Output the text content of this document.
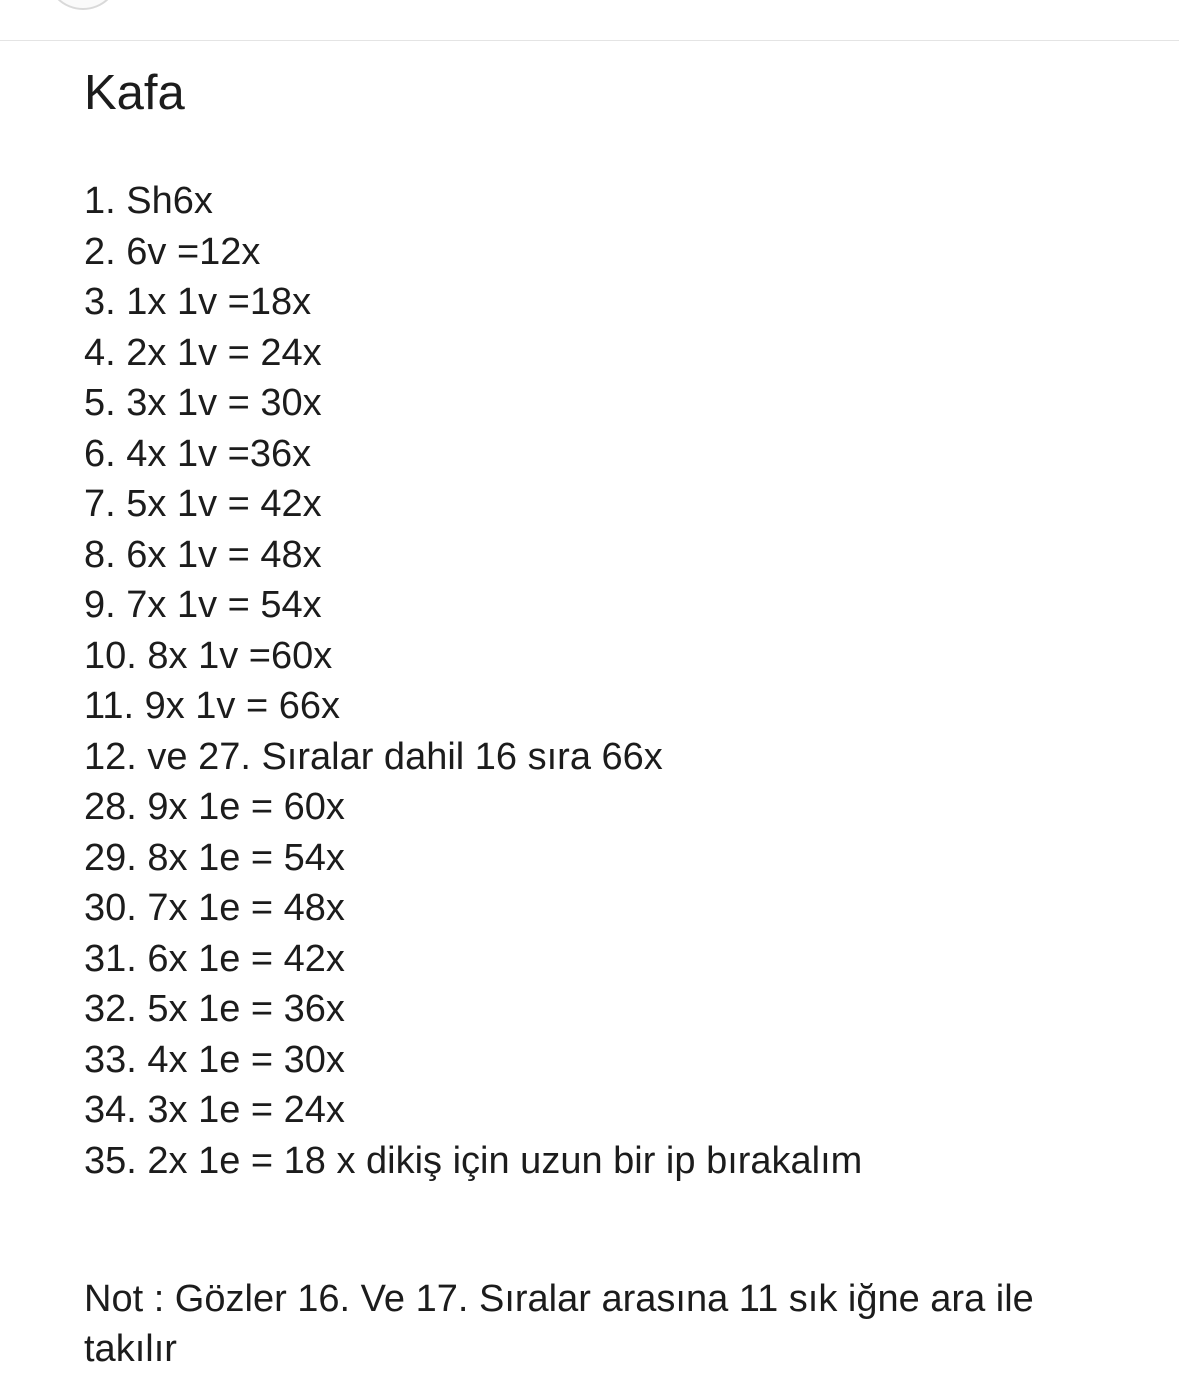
Kafa
1. Sh6x
2. 6v =12x
3. 1x 1v =18x
4. 2x 1v = 24x
5. 3x 1v = 30x
6. 4x 1v =36x
7. 5x 1v = 42x
8. 6x 1v = 48x
9. 7x 1v = 54x
10. 8x 1v =60x
11. 9x 1v = 66x
12. ve 27. Sıralar dahil 16 sıra 66x
28. 9x 1e = 60x
29. 8x 1e = 54x
30. 7x 1e = 48x
31. 6x 1e = 42x
32. 5x 1e = 36x
33. 4x 1e = 30x
34. 3x 1e = 24x
35. 2x 1e = 18 x dikiş için uzun bir ip bırakalım

Not : Gözler 16. Ve 17. Sıralar arasına 11 sık iğne ara ile takılır
